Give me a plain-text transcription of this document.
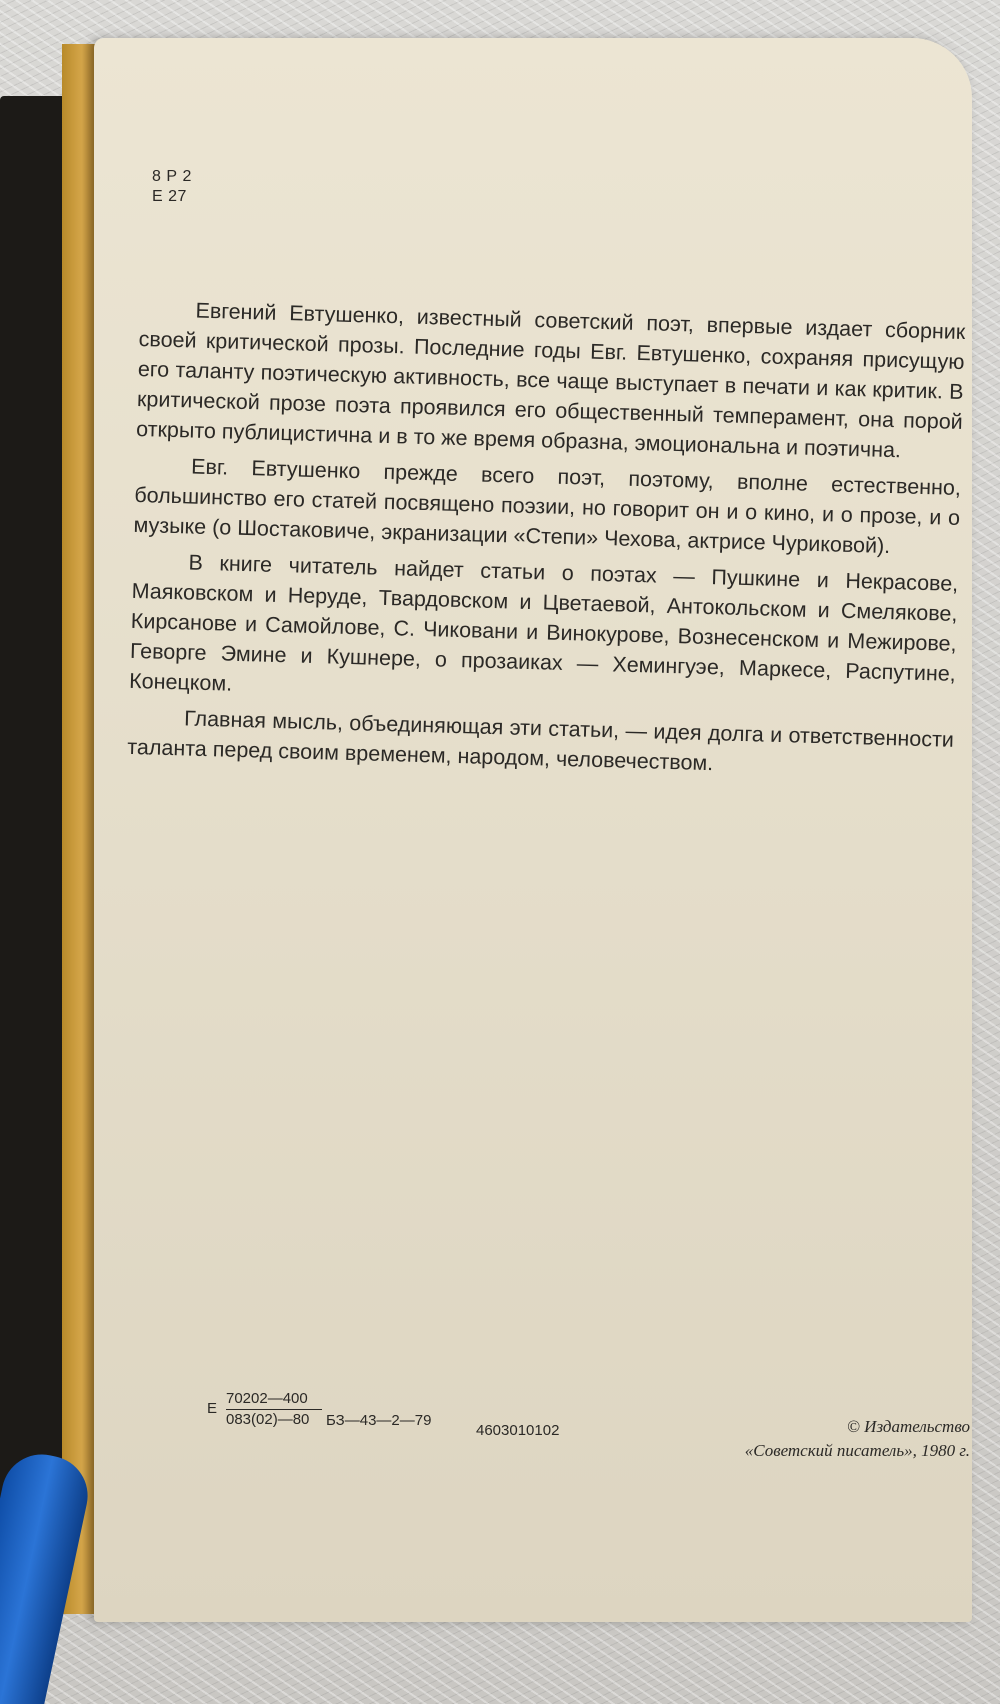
8 Р 2
Е 27

Евгений Евтушенко, известный советский поэт, впервые издает сборник своей критической прозы. Последние годы Евг. Евтушенко, сохраняя присущую его таланту поэтическую активность, все чаще выступает в печати и как критик. В критической прозе поэта проявился его общественный темперамент, она порой открыто публицистична и в то же время образна, эмоциональна и поэтична.

Евг. Евтушенко прежде всего поэт, поэтому, вполне естественно, большинство его статей посвящено поэзии, но говорит он и о кино, и о прозе, и о музыке (о Шостаковиче, экранизации «Степи» Чехова, актрисе Чуриковой).

В книге читатель найдет статьи о поэтах — Пушкине и Некрасове, Маяковском и Неруде, Твардовском и Цветаевой, Антокольском и Смелякове, Кирсанове и Самойлове, С. Чиковани и Винокурове, Вознесенском и Межирове, Геворге Эмине и Кушнере, о прозаиках — Хемингуэе, Маркесе, Распутине, Конецком.

Главная мысль, объединяющая эти статьи, — идея долга и ответственности таланта перед своим временем, народом, человечеством.

Е $\frac{70202—400}{083(02)—80}$ БЗ—43—2—79
4603010102	© Издательство
«Советский писатель», 1980 г.
